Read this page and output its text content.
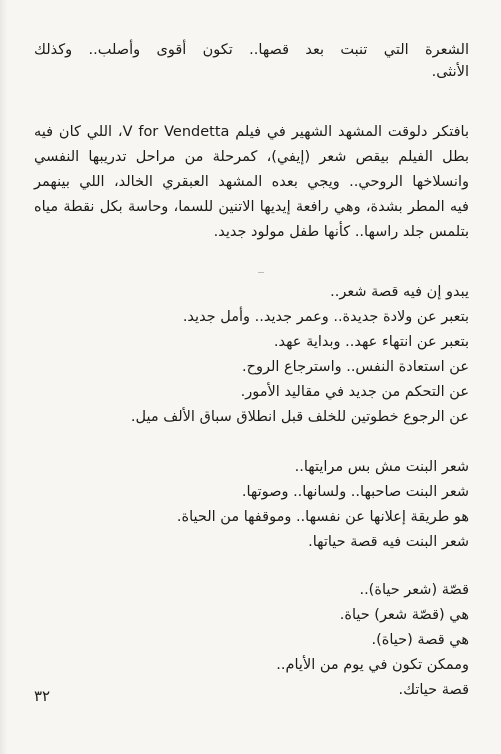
الشعرة التي تنبت بعد قصها.. تكون أقوى وأصلب.. وكذلك
الأنثى.
بافتكر دلوقت المشهد الشهير في فيلم V for Vendetta، اللي كان فيه
بطل الفيلم بيقص شعر (إيفي)، كمرحلة من مراحل تدريبها النفسي
وانسلاخها الروحي.. ويجي بعده المشهد العبقري الخالد، اللي بينهمر
فيه المطر بشدة، وهي رافعة إيديها الاتنين للسما، وحاسة بكل نقطة مياه
بتلمس جلد راسها.. كأنها طفل مولود جديد.
يبدو إن فيه قصة شعر..
بتعبر عن ولادة جديدة.. وعمر جديد.. وأمل جديد.
بتعبر عن انتهاء عهد.. وبداية عهد.
عن استعادة النفس.. واسترجاع الروح.
عن التحكم من جديد في مقاليد الأمور.
عن الرجوع خطوتين للخلف قبل انطلاق سباق الألف ميل.
شعر البنت مش بس مرايتها..
شعر البنت صاحبها.. ولسانها.. وصوتها.
هو طريقة إعلانها عن نفسها.. وموقفها من الحياة.
شعر البنت فيه قصة حياتها.
قصّة (شعر حياة)..
هي (قصّة شعر) حياة.
هي قصة (حياة).
وممكن تكون في يوم من الأيام..
قصة حياتك.
٣٢
